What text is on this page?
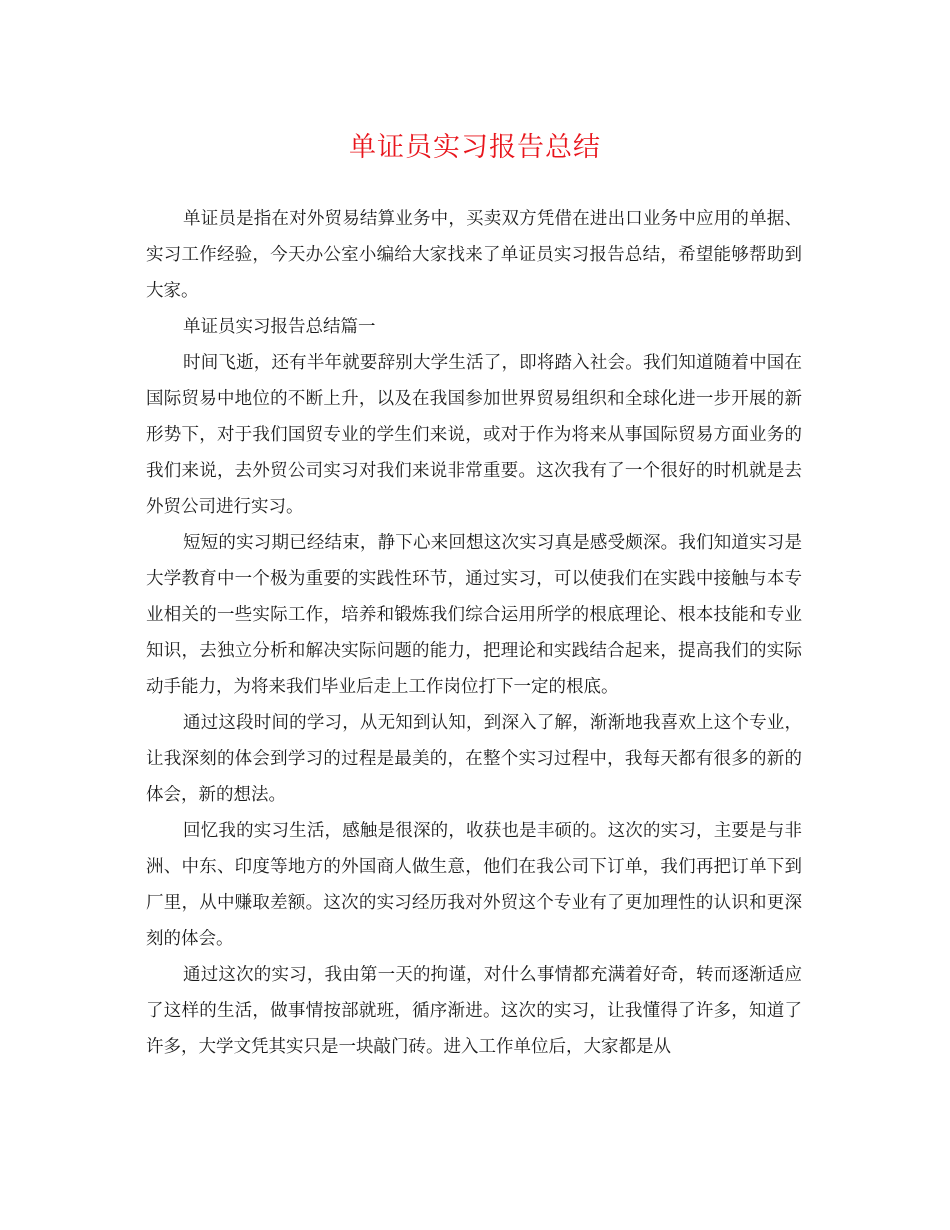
单证员实习报告总结

单证员是指在对外贸易结算业务中，买卖双方凭借在进出口业务中应用的单据、实习工作经验，今天办公室小编给大家找来了单证员实习报告总结，希望能够帮助到大家。

单证员实习报告总结篇一

时间飞逝，还有半年就要辞别大学生活了，即将踏入社会。我们知道随着中国在国际贸易中地位的不断上升，以及在我国参加世界贸易组织和全球化进一步开展的新形势下，对于我们国贸专业的学生们来说，或对于作为将来从事国际贸易方面业务的我们来说，去外贸公司实习对我们来说非常重要。这次我有了一个很好的时机就是去外贸公司进行实习。

短短的实习期已经结束，静下心来回想这次实习真是感受颇深。我们知道实习是大学教育中一个极为重要的实践性环节，通过实习，可以使我们在实践中接触与本专业相关的一些实际工作，培养和锻炼我们综合运用所学的根底理论、根本技能和专业知识，去独立分析和解决实际问题的能力，把理论和实践结合起来，提高我们的实际动手能力，为将来我们毕业后走上工作岗位打下一定的根底。

通过这段时间的学习，从无知到认知，到深入了解，渐渐地我喜欢上这个专业，让我深刻的体会到学习的过程是最美的，在整个实习过程中，我每天都有很多的新的体会，新的想法。

回忆我的实习生活，感触是很深的，收获也是丰硕的。这次的实习，主要是与非洲、中东、印度等地方的外国商人做生意，他们在我公司下订单，我们再把订单下到厂里，从中赚取差额。这次的实习经历我对外贸这个专业有了更加理性的认识和更深刻的体会。

通过这次的实习，我由第一天的拘谨，对什么事情都充满着好奇，转而逐渐适应了这样的生活，做事情按部就班，循序渐进。这次的实习，让我懂得了许多，知道了许多，大学文凭其实只是一块敲门砖。进入工作单位后，大家都是从
